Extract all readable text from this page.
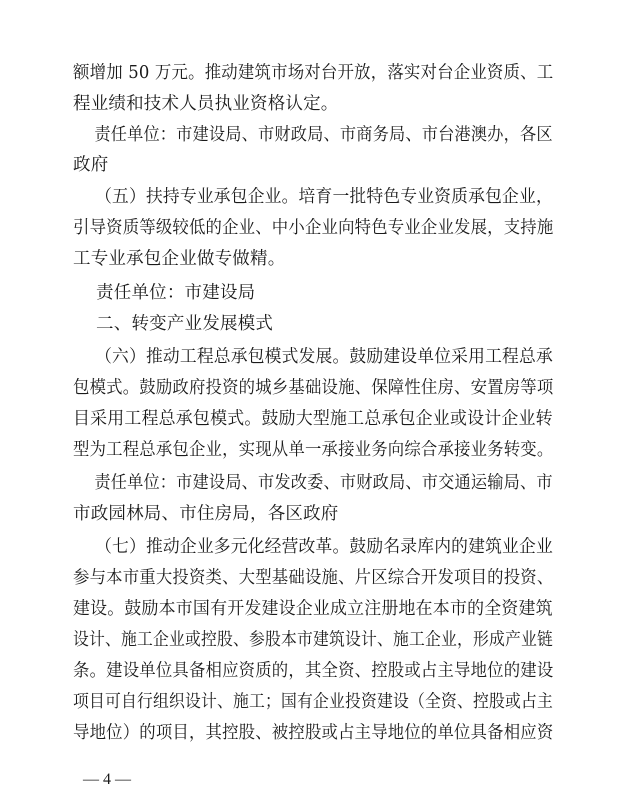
额增加 50 万元。推动建筑市场对台开放，落实对台企业资质、工
程业绩和技术人员执业资格认定。
责任单位：市建设局、市财政局、市商务局、市台港澳办，各区
政府
（五）扶持专业承包企业。培育一批特色专业资质承包企业，
引导资质等级较低的企业、中小企业向特色专业企业发展，支持施
工专业承包企业做专做精。
责任单位：市建设局
二、转变产业发展模式
（六）推动工程总承包模式发展。鼓励建设单位采用工程总承
包模式。鼓励政府投资的城乡基础设施、保障性住房、安置房等项
目采用工程总承包模式。鼓励大型施工总承包企业或设计企业转
型为工程总承包企业，实现从单一承接业务向综合承接业务转变。
责任单位：市建设局、市发改委、市财政局、市交通运输局、市
市政园林局、市住房局，各区政府
（七）推动企业多元化经营改革。鼓励名录库内的建筑业企业
参与本市重大投资类、大型基础设施、片区综合开发项目的投资、
建设。鼓励本市国有开发建设企业成立注册地在本市的全资建筑
设计、施工企业或控股、参股本市建筑设计、施工企业，形成产业链
条。建设单位具备相应资质的，其全资、控股或占主导地位的建设
项目可自行组织设计、施工；国有企业投资建设（全资、控股或占主
导地位）的项目，其控股、被控股或占主导地位的单位具备相应资
— 4 —
